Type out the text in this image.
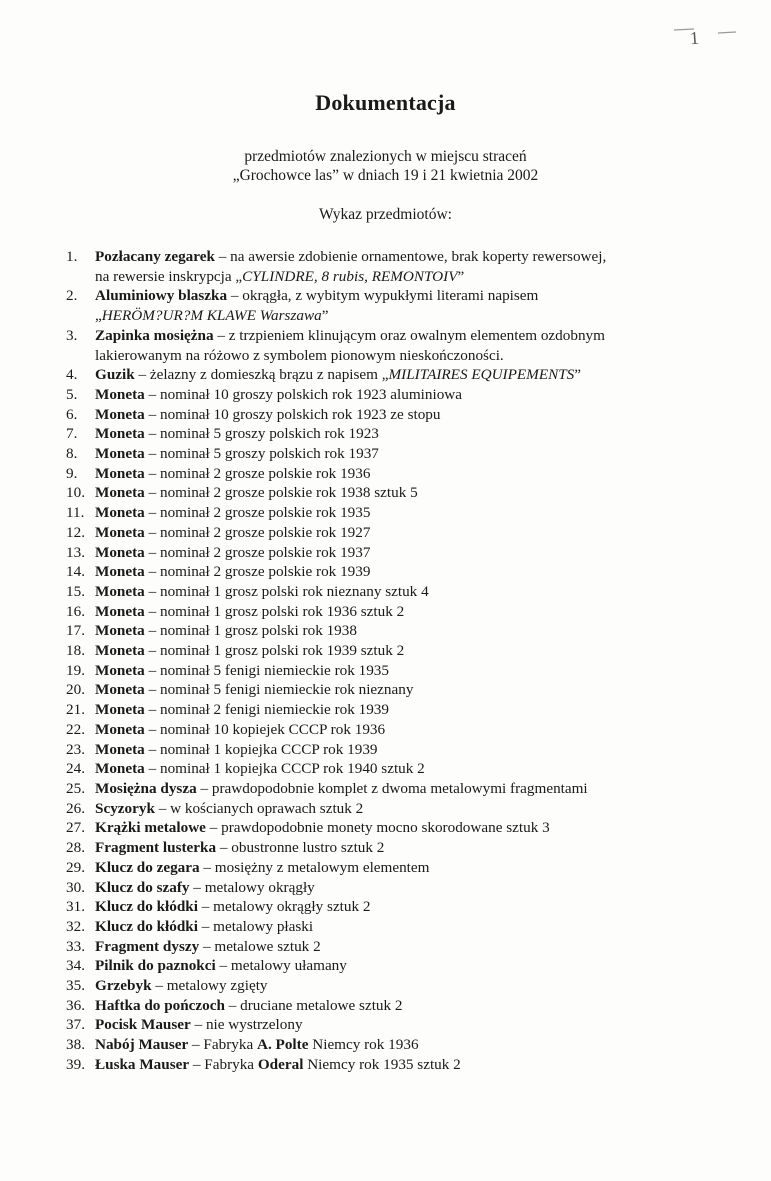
1
Dokumentacja
przedmiotów znalezionych w miejscu straceń
„Grochowce las” w dniach 19 i 21 kwietnia 2002
Wykaz przedmiotów:
1.	Pozłacany zegarek – na awersie zdobienie ornamentowe, brak koperty rewersowej,
na rewersie inskrypcja „CYLINDRE, 8 rubis, REMONTOIV”
2.	Aluminiowy blaszka – okrągła, z wybitym wypukłymi literami napisem
„HERÖM?UR?M KLAWE Warszawa”
3.	Zapinka mosiężna – z trzpieniem klinującym oraz owalnym elementem ozdobnym
lakierowanym na różowo z symbolem pionowym nieskończoności.
4.	Guzik – żelazny z domieszką brązu z napisem „MILITAIRES EQUIPEMENTS”
5.	Moneta – nominał 10 groszy polskich rok 1923 aluminiowa
6.	Moneta – nominał 10 groszy polskich rok 1923 ze stopu
7.	Moneta – nominał 5 groszy polskich rok 1923
8.	Moneta – nominał 5 groszy polskich rok 1937
9.	Moneta – nominał 2 grosze polskie rok 1936
10. Moneta – nominał 2 grosze polskie rok 1938 sztuk 5
11. Moneta – nominał 2 grosze polskie rok 1935
12. Moneta – nominał 2 grosze polskie rok 1927
13. Moneta – nominał 2 grosze polskie rok 1937
14. Moneta – nominał 2 grosze polskie rok 1939
15. Moneta – nominał 1 grosz polski rok nieznany sztuk 4
16. Moneta – nominał 1 grosz polski rok 1936 sztuk 2
17. Moneta – nominał 1 grosz polski rok 1938
18. Moneta – nominał 1 grosz polski rok 1939 sztuk 2
19. Moneta – nominał 5 fenigi niemieckie rok 1935
20. Moneta – nominał 5 fenigi niemieckie rok nieznany
21. Moneta – nominał 2 fenigi niemieckie rok 1939
22. Moneta – nominał 10 kopiejek CCCP rok 1936
23. Moneta – nominał 1 kopiejka CCCP rok 1939
24. Moneta – nominał 1 kopiejka CCCP rok 1940 sztuk 2
25. Mosiężna dysza – prawdopodobnie komplet z dwoma metalowymi fragmentami
26. Scyzoryk – w kościanych oprawach sztuk 2
27. Krążki metalowe – prawdopodobnie monety mocno skorodowane sztuk 3
28. Fragment lusterka – obustronne lustro sztuk 2
29. Klucz do zegara – mosiężny z metalowym elementem
30. Klucz do szafy – metalowy okrągły
31. Klucz do kłódki – metalowy okrągły sztuk 2
32. Klucz do kłódki – metalowy płaski
33. Fragment dyszy – metalowe sztuk 2
34. Pilnik do paznokci – metalowy ułamany
35. Grzebyk – metalowy zgięty
36. Haftka do pończoch – druciane metalowe sztuk 2
37. Pocisk Mauser – nie wystrzelony
38. Nabój Mauser – Fabryka A. Polte Niemcy rok 1936
39. Łuska Mauser – Fabryka Oderal Niemcy rok 1935 sztuk 2
